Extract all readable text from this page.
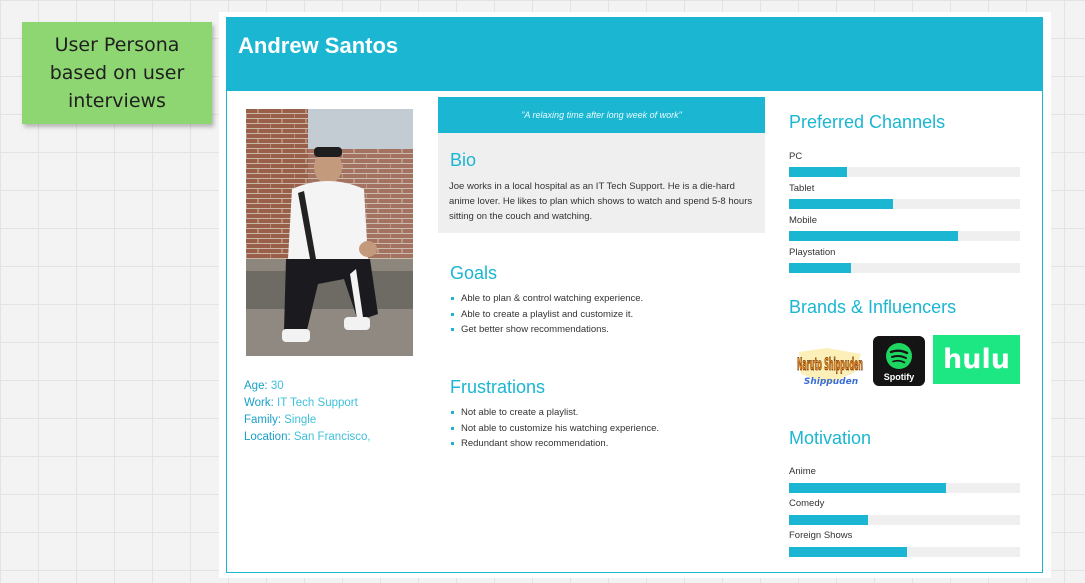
User Persona based on user interviews
Andrew Santos
Age: 30
Work: IT Tech Support
Family: Single
Location: San Francisco,
"A relaxing time after long week of work"
Bio
Joe works in a local hospital as an IT Tech Support. He is a die-hard anime lover. He likes to plan which shows to watch and spend 5-8 hours sitting on the couch and watching.
Goals
Able to plan & control watching experience.
Able to create a playlist and customize it.
Get better show recommendations.
Frustrations
Not able to create a playlist.
Not able to customize his watching experience.
Redundant show recommendation.
Preferred Channels
PC
Tablet
Mobile
Playstation
Brands & Influencers
Naruto Shippuden
Shippuden	Spotify
hulu
Motivation
Anime
Comedy
Foreign Shows
